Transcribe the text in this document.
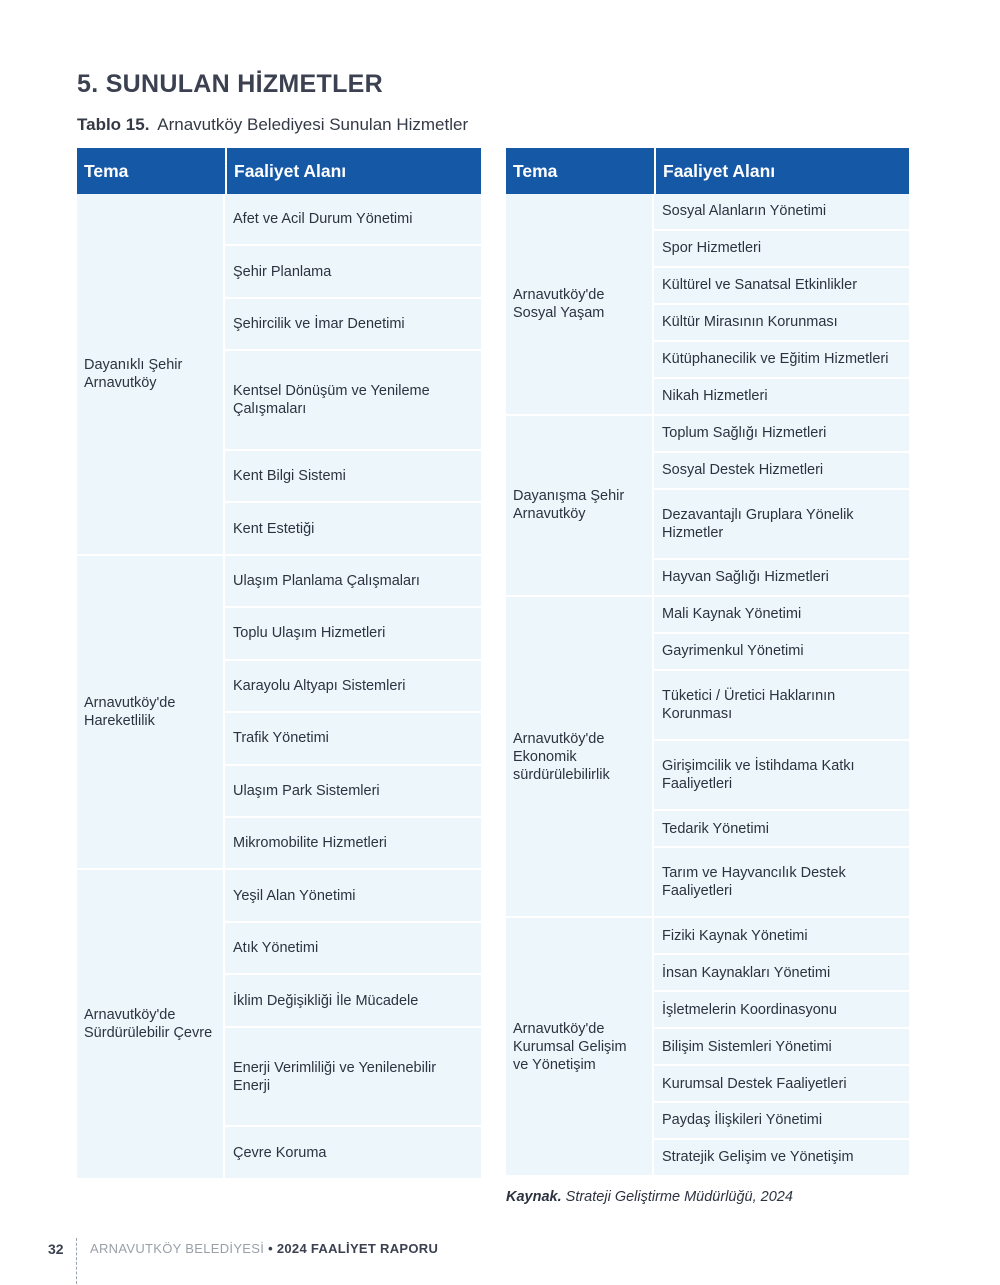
5. SUNULAN HİZMETLER
Tablo 15. Arnavutköy Belediyesi Sunulan Hizmetler
Tema	Faaliyet Alanı
Dayanıklı Şehir Arnavutköy	Afet ve Acil Durum Yönetimi
	Şehir Planlama
	Şehircilik ve İmar Denetimi
	Kentsel Dönüşüm ve Yenileme Çalışmaları
	Kent Bilgi Sistemi
	Kent Estetiği
Arnavutköy'de Hareketlilik	Ulaşım Planlama Çalışmaları
	Toplu Ulaşım Hizmetleri
	Karayolu Altyapı Sistemleri
	Trafik Yönetimi
	Ulaşım Park Sistemleri
	Mikromobilite Hizmetleri
Arnavutköy'de Sürdürülebilir Çevre	Yeşil Alan Yönetimi
	Atık Yönetimi
	İklim Değişikliği İle Mücadele
	Enerji Verimliliği ve Yenilenebilir Enerji
	Çevre Koruma
Tema	Faaliyet Alanı
Arnavutköy'de Sosyal Yaşam	Sosyal Alanların Yönetimi
	Spor Hizmetleri
	Kültürel ve Sanatsal Etkinlikler
	Kültür Mirasının Korunması
	Kütüphanecilik ve Eğitim Hizmetleri
	Nikah Hizmetleri
Dayanışma Şehir Arnavutköy	Toplum Sağlığı Hizmetleri
	Sosyal Destek Hizmetleri
	Dezavantajlı Gruplara Yönelik Hizmetler
	Hayvan Sağlığı Hizmetleri
Arnavutköy'de Ekonomik sürdürülebilirlik	Mali Kaynak Yönetimi
	Gayrimenkul Yönetimi
	Tüketici / Üretici Haklarının Korunması
	Girişimcilik ve İstihdama Katkı Faaliyetleri
	Tedarik Yönetimi
	Tarım ve Hayvancılık Destek Faaliyetleri
Arnavutköy'de Kurumsal Gelişim ve Yönetişim	Fiziki Kaynak Yönetimi
	İnsan Kaynakları Yönetimi
	İşletmelerin Koordinasyonu
	Bilişim Sistemleri Yönetimi
	Kurumsal Destek Faaliyetleri
	Paydaş İlişkileri Yönetimi
	Stratejik Gelişim ve Yönetişim
Kaynak. Strateji Geliştirme Müdürlüğü, 2024
32 ARNAVUTKÖY BELEDİYESİ • 2024 FAALİYET RAPORU
